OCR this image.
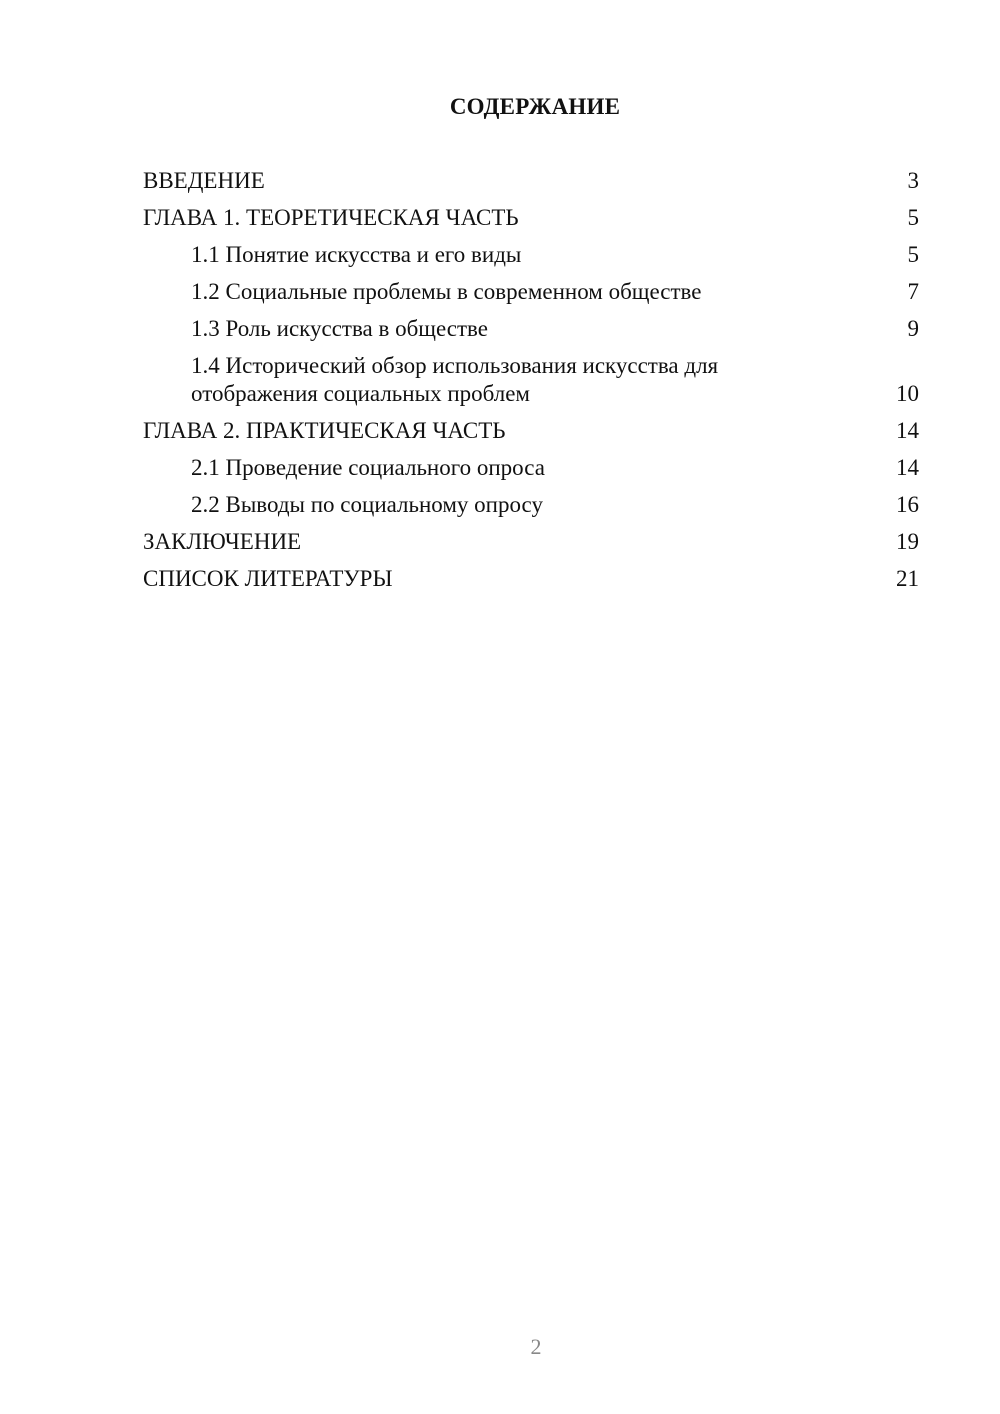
СОДЕРЖАНИЕ
ВВЕДЕНИЕ	3
ГЛАВА 1. ТЕОРЕТИЧЕСКАЯ ЧАСТЬ	5
1.1 Понятие искусства и его виды	5
1.2 Социальные проблемы в современном обществе	7
1.3 Роль искусства в обществе	9
1.4 Исторический обзор использования искусства для отображения социальных проблем	10
ГЛАВА 2. ПРАКТИЧЕСКАЯ ЧАСТЬ	14
2.1 Проведение социального опроса	14
2.2 Выводы по социальному опросу	16
ЗАКЛЮЧЕНИЕ	19
СПИСОК ЛИТЕРАТУРЫ	21
2
